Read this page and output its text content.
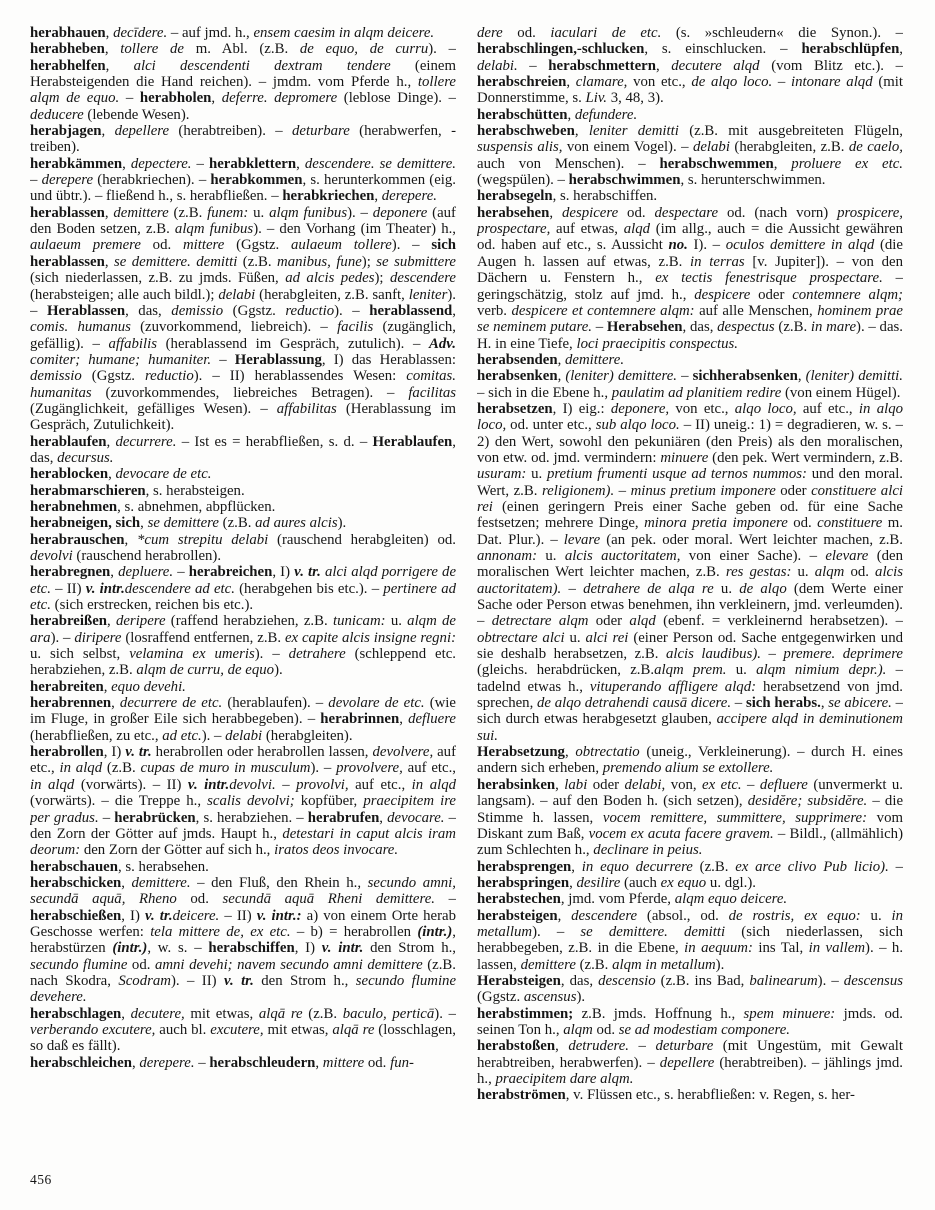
herabhauen, decīdere. – auf jmd. h., ensem caesim in alqm deicere.

herabheben, tollere de m. Abl. (z.B. de equo, de curru). – herabhelfen, alci descendenti dextram tendere (einem Herabsteigenden die Hand reichen). – jmdm. vom Pferde h., tollere alqm de equo. – herabholen, deferre. depromere (leblose Dinge). – deducere (lebende Wesen).

herabjagen, depellere (herabtreiben). – deturbare (herabwerfen, -treiben).

herabkämmen, depectere. – herabklettern, descendere. se demittere. – derepere (herabkriechen). – herabkommen, s. herunterkommen (eig. und übtr.). – fließend h., s. herabfließen. – herabkriechen, derepere.

herablassen, demittere (z.B. funem: u. alqm funibus). – deponere (auf den Boden setzen, z.B. alqm funibus). – den Vorhang (im Theater) h., aulaeum premere od. mittere (Ggstz. aulaeum tollere). – sich herablassen, se demittere. demitti (z.B. manibus, fune); se submittere (sich niederlassen, z.B. zu jmds. Füßen, ad alcis pedes); descendere (herabsteigen; alle auch bildl.); delabi (herabgleiten, z.B. sanft, leniter). – Herablassen, das, demissio (Ggstz. reductio). – herablassend, comis. humanus (zuvorkommend, liebreich). – facilis (zugänglich, gefällig). – affabilis (herablassend im Gespräch, zutulich). – Adv. comiter; humane; humaniter. – Herablassung, I) das Herablassen: demissio (Ggstz. reductio). – II) herablassendes Wesen: comitas. humanitas (zuvorkommendes, liebreiches Betragen). – facilitas (Zugänglichkeit, gefälliges Wesen). – affabilitas (Herablassung im Gespräch, Zutulichkeit).

herablaufen, decurrere. – Ist es = herabfließen, s. d. – Herablaufen, das, decursus.

herablocken, devocare de etc.

herabmarschieren, s. herabsteigen.

herabnehmen, s. abnehmen, abpflücken.

herabneigen, sich, se demittere (z.B. ad aures alcis).

herabrauschen, *cum strepitu delabi (rauschend herabgleiten) od. devolvi (rauschend herabrollen).

herabregnen, depluere. – herabreichen, I) v. tr. alci alqd porrigere de etc. – II) v. intr.descendere ad etc. (herabgehen bis etc.). – pertinere ad etc. (sich erstrecken, reichen bis etc.).

herabreißen, deripere (raffend herabziehen, z.B. tunicam: u. alqm de ara). – diripere (losraffend entfernen, z.B. ex capite alcis insigne regni: u. sich selbst, velamina ex umeris). – detrahere (schleppend etc. herabziehen, z.B. alqm de curru, de equo).

herabreiten, equo devehi.

herabrennen, decurrere de etc. (herablaufen). – devolare de etc. (wie im Fluge, in großer Eile sich herabbegeben). – herabrinnen, defluere (herabfließen, zu etc., ad etc.). – delabi (herabgleiten).

herabrollen, I) v. tr. herabrollen oder herabrollen lassen, devolvere, auf etc., in alqd (z.B. cupas de muro in musculum). – provolvere, auf etc., in alqd (vorwärts). – II) v. intr.devolvi. – provolvi, auf etc., in alqd (vorwärts). – die Treppe h., scalis devolvi; kopfüber, praecipitem ire per gradus. – herabrücken, s. herabziehen. – herabrufen, devocare. – den Zorn der Götter auf jmds. Haupt h., detestari in caput alcis iram deorum: den Zorn der Götter auf sich h., iratos deos invocare.

herabschauen, s. herabsehen.

herabschicken, demittere. – den Fluß, den Rhein h., secundo amni, secundā aquā, Rheno od. secundā aquā Rheni demittere. – herabschießen, I) v. tr.deicere. – II) v. intr.: a) von einem Orte herab Geschosse werfen: tela mittere de, ex etc. – b) = herabrollen (intr.), herabstürzen (intr.), w. s. – herabschiffen, I) v. intr. den Strom h., secundo flumine od. amni devehi; navem secundo amni demittere (z.B. nach Skodra, Scodram). – II) v. tr. den Strom h., secundo flumine devehere.

herabschlagen, decutere, mit etwas, alqā re (z.B. baculo, perticā). – verberando excutere, auch bl. excutere, mit etwas, alqā re (losschlagen, so daß es fällt).

herabschleichen, derepere. – herabschleudern, mittere od. fun-

dere od. iaculari de etc. (s. »schleudern« die Synon.). – herabschlingen,-schlucken, s. einschlucken. – herabschlüpfen, delabi. – herabschmettern, decutere alqd (vom Blitz etc.). – herabschreien, clamare, von etc., de alqo loco. – intonare alqd (mit Donnerstimme, s. Liv. 3, 48, 3).

herabschütten, defundere.

herabschweben, leniter demitti (z.B. mit ausgebreiteten Flügeln, suspensis alis, von einem Vogel). – delabi (herabgleiten, z.B. de caelo, auch von Menschen). – herabschwemmen, proluere ex etc. (wegspülen). – herabschwimmen, s. herunterschwimmen.

herabsegeln, s. herabschiffen.

herabsehen, despicere od. despectare od. (nach vorn) prospicere, prospectare, auf etwas, alqd (im allg., auch = die Aussicht gewähren od. haben auf etc., s. Aussicht no. I). – oculos demittere in alqd (die Augen h. lassen auf etwas, z.B. in terras [v. Jupiter]). – von den Dächern u. Fenstern h., ex tectis fenestrisque prospectare. – geringschätzig, stolz auf jmd. h., despicere oder contemnere alqm; verb. despicere et contemnere alqm: auf alle Menschen, hominem prae se neminem putare. – Herabsehen, das, despectus (z.B. in mare). – das. H. in eine Tiefe, loci praecipitis conspectus.

herabsenden, demittere.

herabsenken, (leniter) demittere. – sichherabsenken, (leniter) demitti. – sich in die Ebene h., paulatim ad planitiem redire (von einem Hügel).

herabsetzen, I) eig.: deponere, von etc., alqo loco, auf etc., in alqo loco, od. unter etc., sub alqo loco. – II) uneig.: 1) = degradieren, w. s. – 2) den Wert, sowohl den pekuniären (den Preis) als den moralischen, von etw. od. jmd. vermindern: minuere (den pek. Wert vermindern, z.B. usuram: u. pretium frumenti usque ad ternos nummos: und den moral. Wert, z.B. religionem). – minus pretium imponere oder constituere alci rei (einen geringern Preis einer Sache geben od. für eine Sache festsetzen; mehrere Dinge, minora pretia imponere od. constituere m. Dat. Plur.). – levare (an pek. oder moral. Wert leichter machen, z.B. annonam: u. alcis auctoritatem, von einer Sache). – elevare (den moralischen Wert leichter machen, z.B. res gestas: u. alqm od. alcis auctoritatem). – detrahere de alqa re u. de alqo (dem Werte einer Sache oder Person etwas benehmen, ihn verkleinern, jmd. verleumden). – detrectare alqm oder alqd (ebenf. = verkleinernd herabsetzen). – obtrectare alci u. alci rei (einer Person od. Sache entgegenwirken und sie deshalb herabsetzen, z.B. alcis laudibus). – premere. deprimere (gleichs. herabdrücken, z.B.alqm prem. u. alqm nimium depr.). – tadelnd etwas h., vituperando affligere alqd: herabsetzend von jmd. sprechen, de alqo detrahendi causā dicere. – sich herabs., se abicere. – sich durch etwas herabgesetzt glauben, accipere alqd in deminutionem sui.

Herabsetzung, obtrectatio (uneig., Verkleinerung). – durch H. eines andern sich erheben, premendo alium se extollere.

herabsinken, labi oder delabi, von, ex etc. – defluere (unvermerkt u. langsam). – auf den Boden h. (sich setzen), desidĕre; subsidĕre. – die Stimme h. lassen, vocem remittere, summittere, supprimere: vom Diskant zum Baß, vocem ex acuta facere gravem. – Bildl., (allmählich) zum Schlechten h., declinare in peius.

herabsprengen, in equo decurrere (z.B. ex arce clivo Pub licio). – herabspringen, desilire (auch ex equo u. dgl.).

herabstechen, jmd. vom Pferde, alqm equo deicere.

herabsteigen, descendere (absol., od. de rostris, ex equo: u. in metallum). – se demittere. demitti (sich niederlassen, sich herabbegeben, z.B. in die Ebene, in aequum: ins Tal, in vallem). – h. lassen, demittere (z.B. alqm in metallum).

Herabsteigen, das, descensio (z.B. ins Bad, balinearum). – descensus (Ggstz. ascensus).

herabstimmen; z.B. jmds. Hoffnung h., spem minuere: jmds. od. seinen Ton h., alqm od. se ad modestiam componere.

herabstoßen, detrudere. – deturbare (mit Ungestüm, mit Gewalt herabtreiben, herabwerfen). – depellere (herabtreiben). – jählings jmd. h., praecipitem dare alqm.

herabströmen, v. Flüssen etc., s. herabfließen: v. Regen, s. her-

456
